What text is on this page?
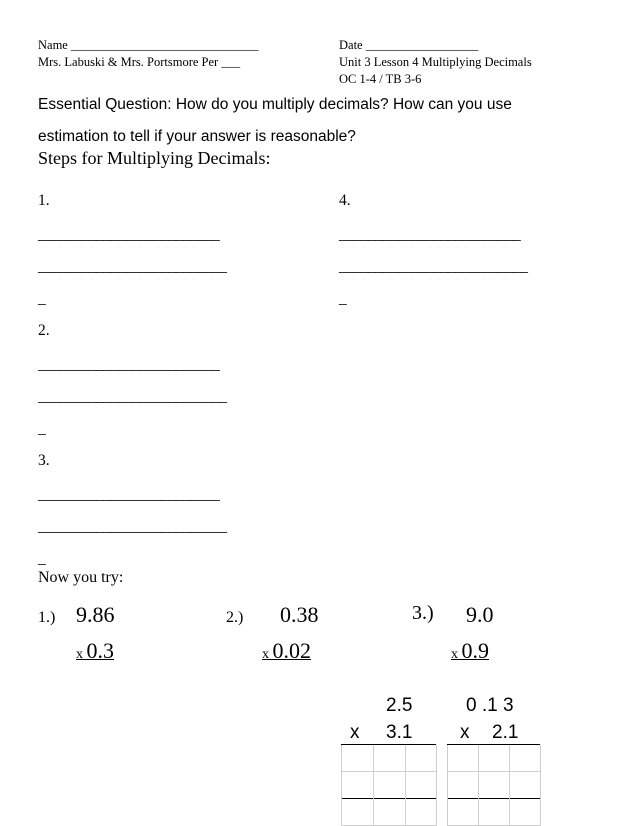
Name ______________________________
Mrs. Labuski & Mrs. Portsmore Per ___
Date __________________
Unit 3 Lesson 4 Multiplying Decimals
OC 1-4 / TB 3-6
Essential Question: How do you multiply decimals? How can you use
estimation to tell if your answer is reasonable?
Steps for Multiplying Decimals:
1.
_________________________
__________________________
_
4.
_________________________
__________________________
_
2.
_________________________
__________________________
_
3.
_________________________
__________________________
_
Now you try:
1.) 9.86
x 0.3
2.) 0.38
x 0.02
3.) 9.0
x 0.9
2.5
x 3.1
0 .1 3
x 2.1
